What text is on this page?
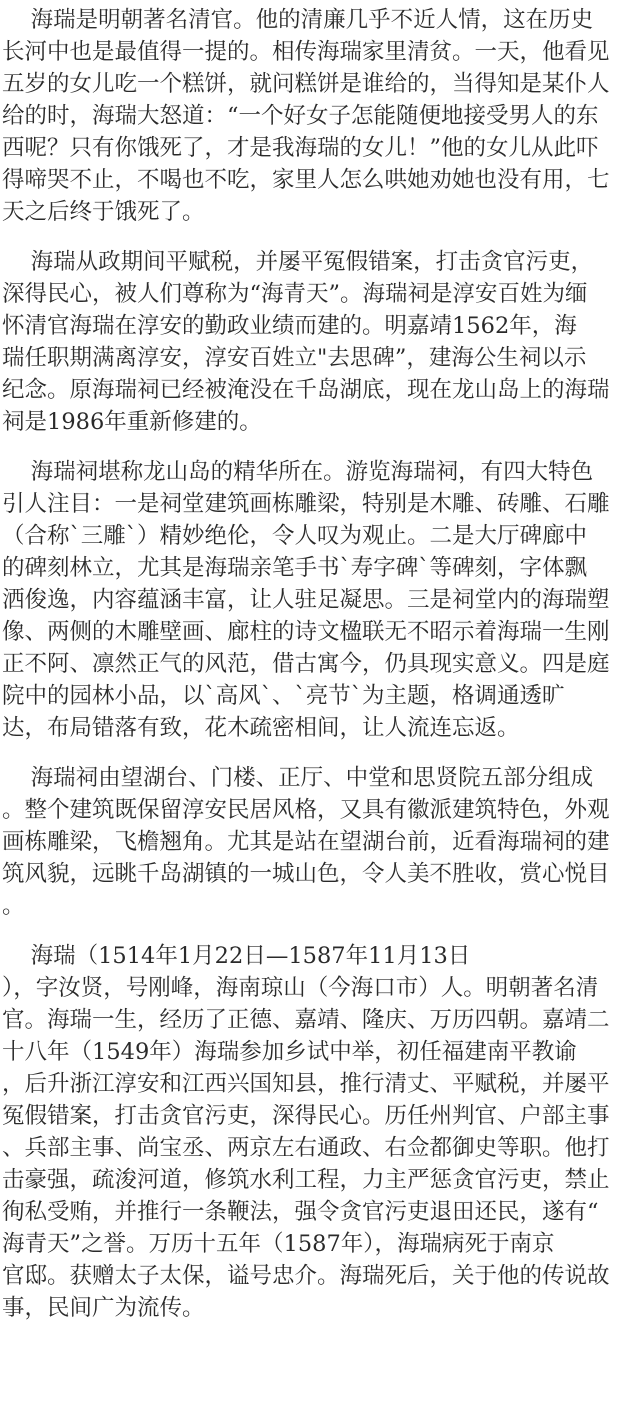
海瑞是明朝著名清官。他的清廉几乎不近人情，这在历史
长河中也是最值得一提的。相传海瑞家里清贫。一天，他看见
五岁的女儿吃一个糕饼，就问糕饼是谁给的，当得知是某仆人
给的时，海瑞大怒道：“一个好女子怎能随便地接受男人的东
西呢？只有你饿死了，才是我海瑞的女儿！”他的女儿从此吓
得啼哭不止，不喝也不吃，家里人怎么哄她劝她也没有用，七
天之后终于饿死了。
海瑞从政期间平赋税，并屡平冤假错案，打击贪官污吏，
深得民心，被人们尊称为“海青天”。海瑞祠是淳安百姓为缅
怀清官海瑞在淳安的勤政业绩而建的。明嘉靖1562年，海
瑞任职期满离淳安，淳安百姓立"去思碑”，建海公生祠以示
纪念。原海瑞祠已经被淹没在千岛湖底，现在龙山岛上的海瑞
祠是1986年重新修建的。
海瑞祠堪称龙山岛的精华所在。游览海瑞祠，有四大特色
引人注目：一是祠堂建筑画栋雕梁，特别是木雕、砖雕、石雕
（合称`三雕`）精妙绝伦，令人叹为观止。二是大厅碑廊中
的碑刻林立，尤其是海瑞亲笔手书`寿字碑`等碑刻，字体飘
洒俊逸，内容蕴涵丰富，让人驻足凝思。三是祠堂内的海瑞塑
像、两侧的木雕壁画、廊柱的诗文楹联无不昭示着海瑞一生刚
正不阿、凛然正气的风范，借古寓今，仍具现实意义。四是庭
院中的园林小品，以`高风`、`亮节`为主题，格调通透旷
达，布局错落有致，花木疏密相间，让人流连忘返。
海瑞祠由望湖台、门楼、正厅、中堂和思贤院五部分组成
。整个建筑既保留淳安民居风格，又具有徽派建筑特色，外观
画栋雕梁，飞檐翘角。尤其是站在望湖台前，近看海瑞祠的建
筑风貌，远眺千岛湖镇的一城山色，令人美不胜收，赏心悦目
。
海瑞（1514年1月22日—1587年11月13日
），字汝贤，号刚峰，海南琼山（今海口市）人。明朝著名清
官。海瑞一生，经历了正德、嘉靖、隆庆、万历四朝。嘉靖二
十八年（1549年）海瑞参加乡试中举，初任福建南平教谕
，后升浙江淳安和江西兴国知县，推行清丈、平赋税，并屡平
冤假错案，打击贪官污吏，深得民心。历任州判官、户部主事
、兵部主事、尚宝丞、两京左右通政、右佥都御史等职。他打
击豪强，疏浚河道，修筑水利工程，力主严惩贪官污吏，禁止
徇私受贿，并推行一条鞭法，强令贪官污吏退田还民，遂有“
海青天”之誉。万历十五年（1587年），海瑞病死于南京
官邸。获赠太子太保，谥号忠介。海瑞死后，关于他的传说故
事，民间广为流传。
